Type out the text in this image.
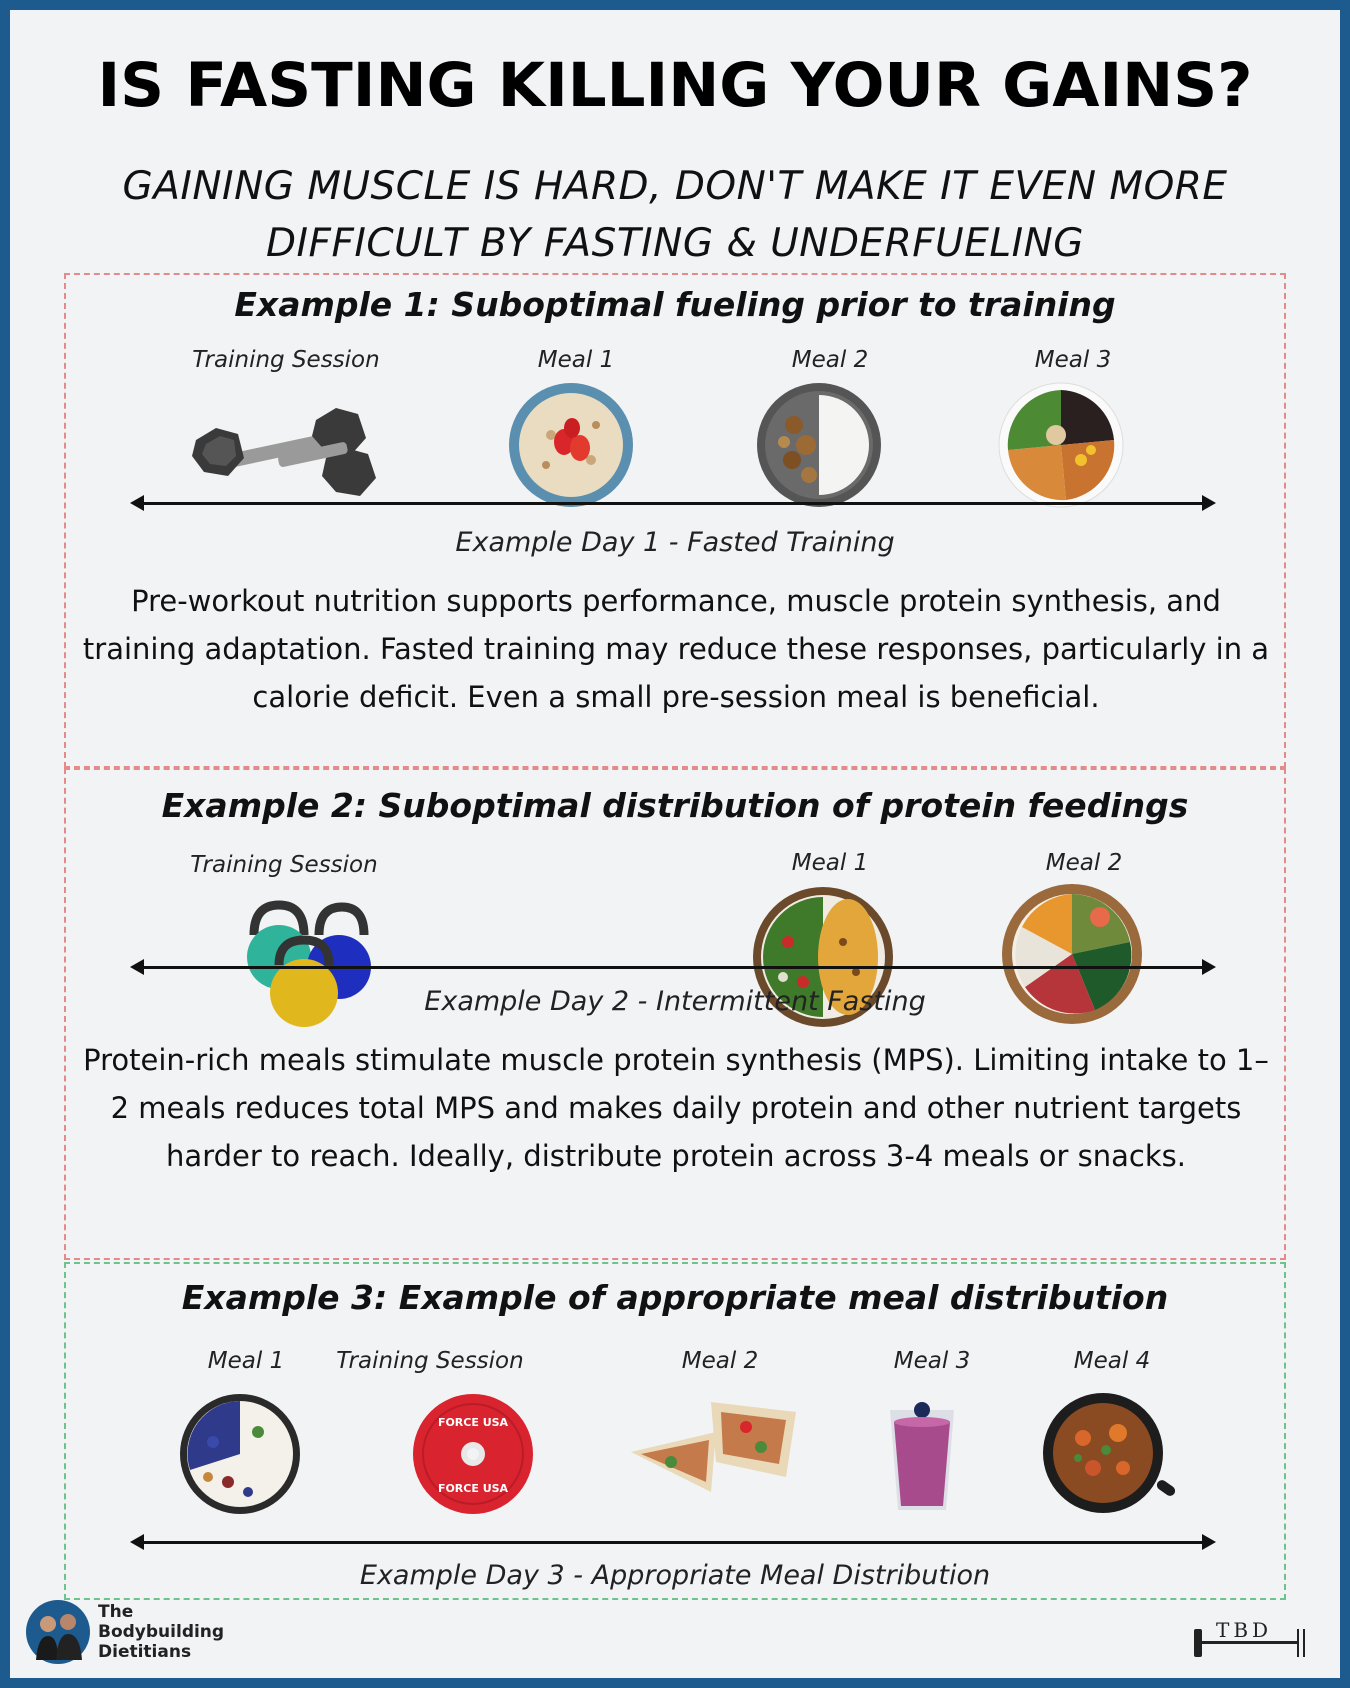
IS FASTING KILLING YOUR GAINS?
GAINING MUSCLE IS HARD, DON'T MAKE IT EVEN MORE
DIFFICULT BY FASTING & UNDERFUELING
Example 1: Suboptimal fueling prior to training
Training Session	Meal 1	Meal 2	Meal 3
Example Day 1 - Fasted Training
Pre-workout nutrition supports performance, muscle protein synthesis, and training adaptation. Fasted training may reduce these responses, particularly in a calorie deficit. Even a small pre-session meal is beneficial.
Example 2: Suboptimal distribution of protein feedings
Training Session	Meal 1	Meal 2
Example Day 2 - Intermittent Fasting
Protein-rich meals stimulate muscle protein synthesis (MPS). Limiting intake to 1–2 meals reduces total MPS and makes daily protein and other nutrient targets harder to reach. Ideally, distribute protein across 3-4 meals or snacks.
Example 3: Example of appropriate meal distribution
Meal 1	Training Session	Meal 2	Meal 3	Meal 4
FORCE USA
FORCE USA
Example Day 3 - Appropriate Meal Distribution
The
Bodybuilding
Dietitians
TBD
